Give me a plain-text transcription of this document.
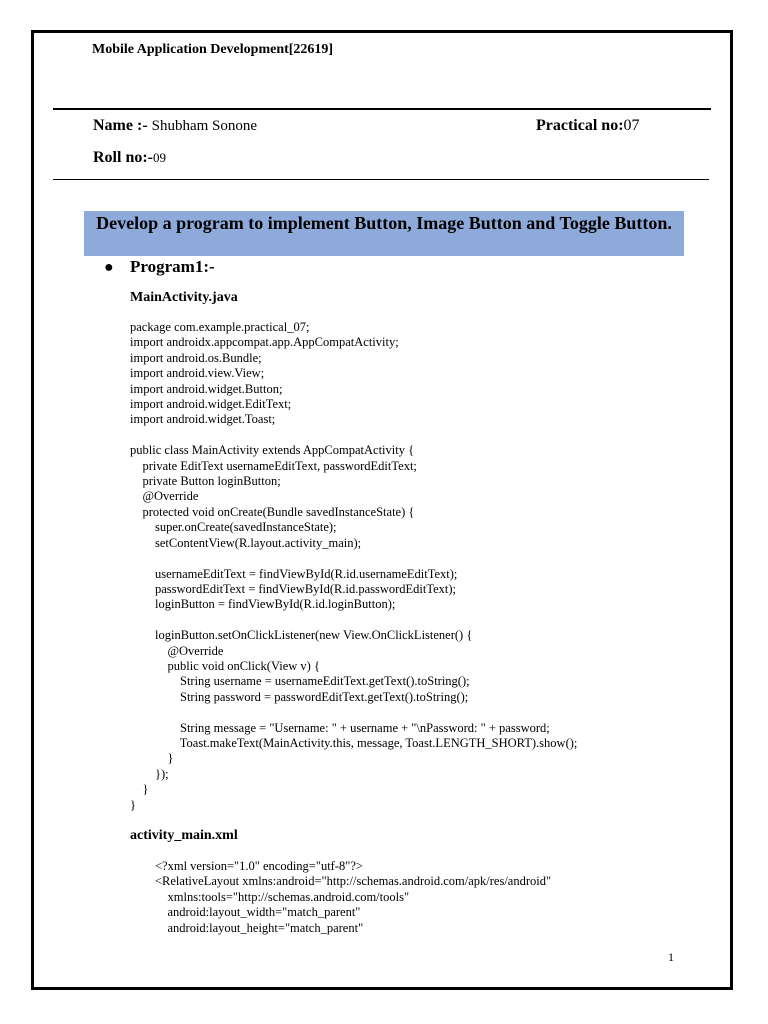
Mobile Application Development[22619]
Name :- Shubham Sonone	Practical no:07
Roll no:-09
Develop a program to implement Button, Image Button and Toggle Button.
● Program1:-
MainActivity.java
package com.example.practical_07;
import androidx.appcompat.app.AppCompatActivity;
import android.os.Bundle;
import android.view.View;
import android.widget.Button;
import android.widget.EditText;
import android.widget.Toast;

public class MainActivity extends AppCompatActivity {
private EditText usernameEditText, passwordEditText;
private Button loginButton;
@Override
protected void onCreate(Bundle savedInstanceState) {
super.onCreate(savedInstanceState);
setContentView(R.layout.activity_main);

usernameEditText = findViewById(R.id.usernameEditText);
passwordEditText = findViewById(R.id.passwordEditText);
loginButton = findViewById(R.id.loginButton);

loginButton.setOnClickListener(new View.OnClickListener() {
@Override
public void onClick(View v) {
String username = usernameEditText.getText().toString();
String password = passwordEditText.getText().toString();

String message = "Username: " + username + "\nPassword: " + password;
Toast.makeText(MainActivity.this, message, Toast.LENGTH_SHORT).show();
}
});
}
}
activity_main.xml
<?xml version="1.0" encoding="utf-8"?>
<RelativeLayout xmlns:android="http://schemas.android.com/apk/res/android"
xmlns:tools="http://schemas.android.com/tools"
android:layout_width="match_parent"
android:layout_height="match_parent"
1
